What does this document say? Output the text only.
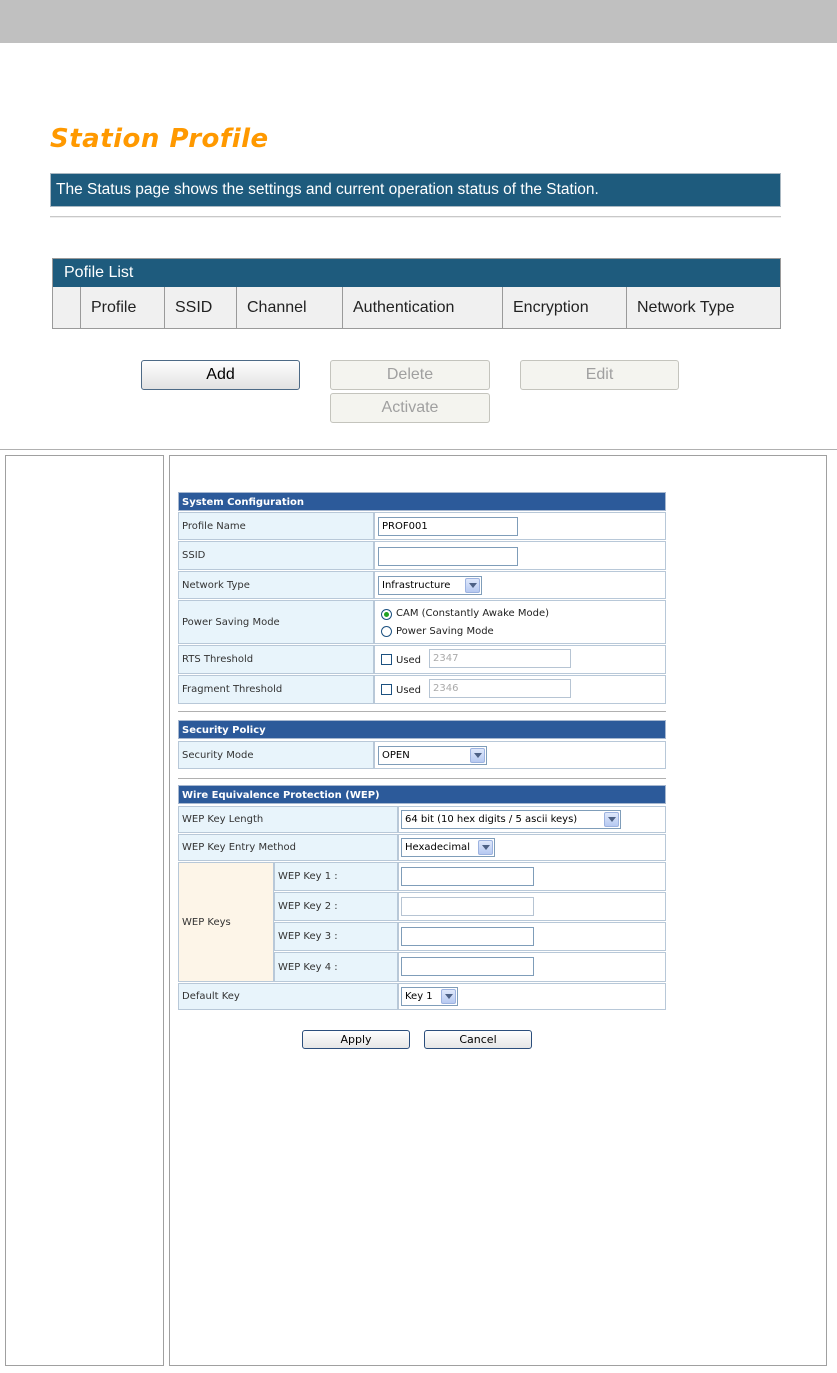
Station Profile
The Status page shows the settings and current operation status of the Station.
Pofile List
Profile	SSID	Channel	Authentication	Encryption	Network Type
Add	Delete	Edit
Activate
System Configuration
Profile Name	PROF001
SSID
Network Type	Infrastructure
Power Saving Mode
CAM (Constantly Awake Mode)
Power Saving Mode
RTS Threshold	Used	2347
Fragment Threshold	Used	2346
Security Policy
Security Mode	OPEN
Wire Equivalence Protection (WEP)
WEP Key Length	64 bit (10 hex digits / 5 ascii keys)
WEP Key Entry Method	Hexadecimal
WEP Keys
WEP Key 1 :
WEP Key 2 :
WEP Key 3 :
WEP Key 4 :
Default Key	Key 1
Apply	Cancel
